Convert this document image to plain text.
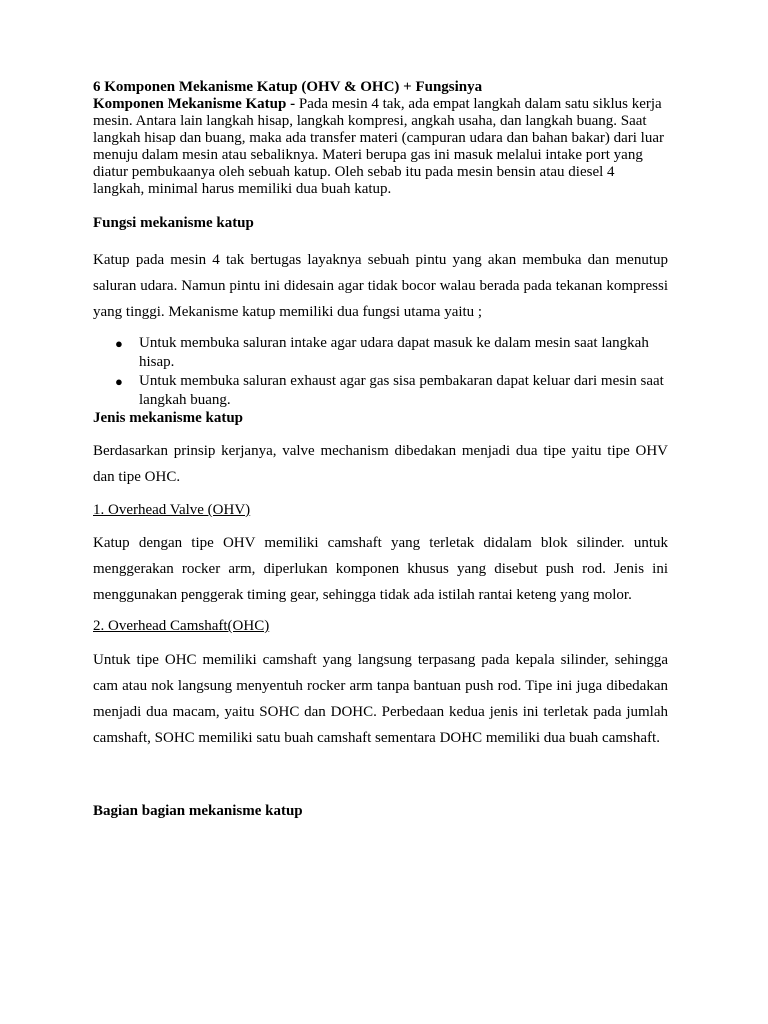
6 Komponen Mekanisme Katup (OHV & OHC) + Fungsinya
Komponen Mekanisme Katup - Pada mesin 4 tak, ada empat langkah dalam satu siklus kerja mesin. Antara lain langkah hisap, langkah kompresi, angkah usaha, dan langkah buang. Saat langkah hisap dan buang, maka ada transfer materi (campuran udara dan bahan bakar) dari luar menuju dalam mesin atau sebaliknya. Materi berupa gas ini masuk melalui intake port yang diatur pembukaanya oleh sebuah katup. Oleh sebab itu pada mesin bensin atau diesel 4 langkah, minimal harus memiliki dua buah katup.
Fungsi mekanisme katup
Katup pada mesin 4 tak bertugas layaknya sebuah pintu yang akan membuka dan menutup saluran udara. Namun pintu ini didesain agar tidak bocor walau berada pada tekanan kompressi yang tinggi. Mekanisme katup memiliki dua fungsi utama yaitu ;
● Untuk membuka saluran intake agar udara dapat masuk ke dalam mesin saat langkah hisap.
● Untuk membuka saluran exhaust agar gas sisa pembakaran dapat keluar dari mesin saat langkah buang.
Jenis mekanisme katup
Berdasarkan prinsip kerjanya, valve mechanism dibedakan menjadi dua tipe yaitu tipe OHV dan tipe OHC.
1. Overhead Valve (OHV)
Katup dengan tipe OHV memiliki camshaft yang terletak didalam blok silinder. untuk menggerakan rocker arm, diperlukan komponen khusus yang disebut push rod. Jenis ini menggunakan penggerak timing gear, sehingga tidak ada istilah rantai keteng yang molor.
2. Overhead Camshaft(OHC)
Untuk tipe OHC memiliki camshaft yang langsung terpasang pada kepala silinder, sehingga cam atau nok langsung menyentuh rocker arm tanpa bantuan push rod. Tipe ini juga dibedakan menjadi dua macam, yaitu SOHC dan DOHC. Perbedaan kedua jenis ini terletak pada jumlah camshaft, SOHC memiliki satu buah camshaft sementara DOHC memiliki dua buah camshaft.
Bagian bagian mekanisme katup
